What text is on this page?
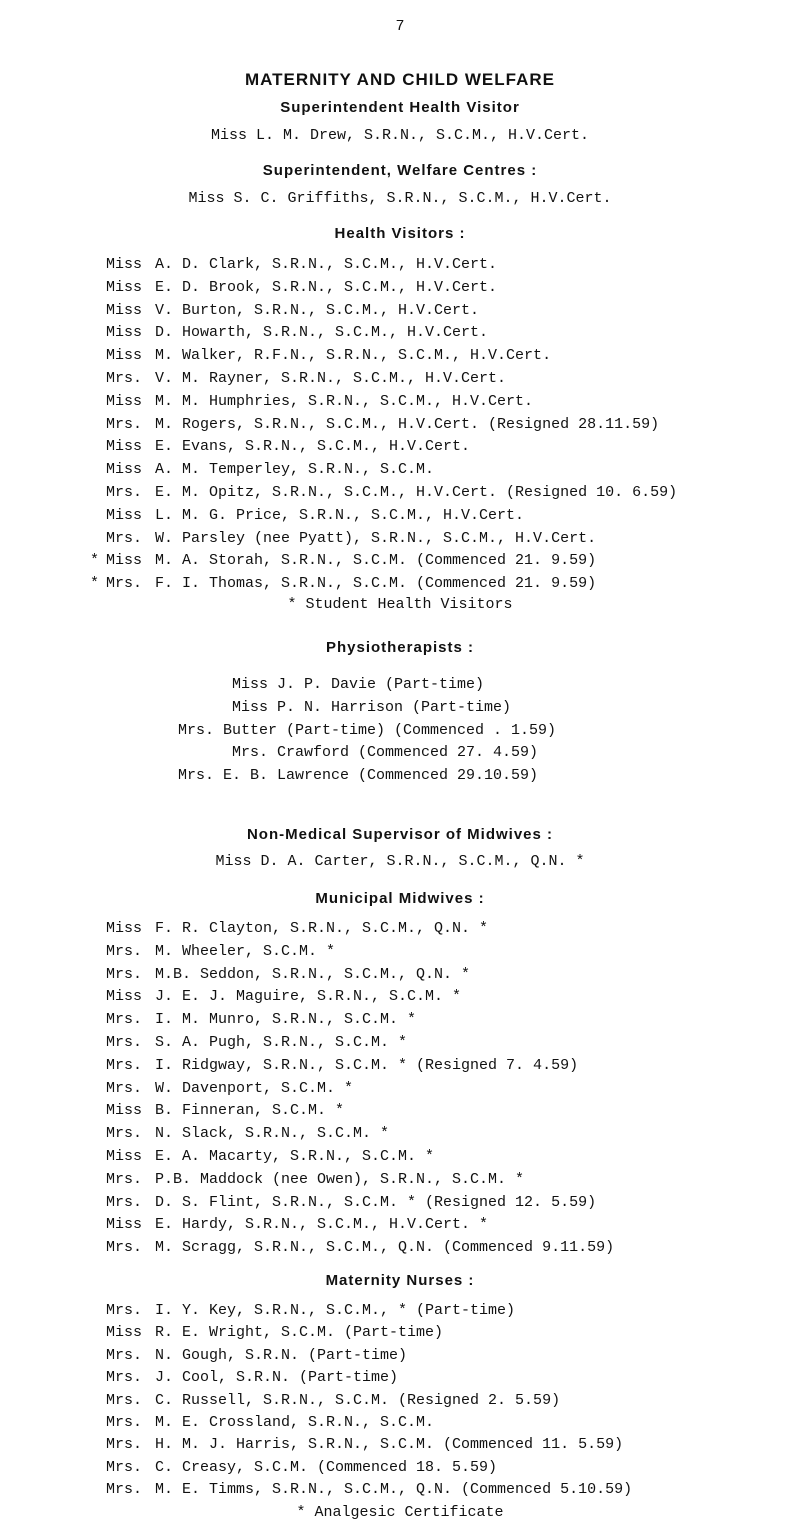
7
MATERNITY AND CHILD WELFARE
Superintendent Health Visitor
Miss L. M. Drew, S.R.N., S.C.M., H.V.Cert.
Superintendent, Welfare Centres :
Miss S. C. Griffiths, S.R.N., S.C.M., H.V.Cert.
Health Visitors :
* Student Health Visitors
Physiotherapists :
Non-Medical Supervisor of Midwives :
Miss D. A. Carter, S.R.N., S.C.M., Q.N. *
Municipal Midwives :
Maternity Nurses :
Miss A. D. Clark, S.R.N., S.C.M., H.V.Cert.
Miss E. D. Brook, S.R.N., S.C.M., H.V.Cert.
Miss V. Burton, S.R.N., S.C.M., H.V.Cert.
Miss D. Howarth, S.R.N., S.C.M., H.V.Cert.
Miss M. Walker, R.F.N., S.R.N., S.C.M., H.V.Cert.
Mrs. V. M. Rayner, S.R.N., S.C.M., H.V.Cert.
Miss M. M. Humphries, S.R.N., S.C.M., H.V.Cert.
Mrs. M. Rogers, S.R.N., S.C.M., H.V.Cert. (Resigned 28.11.59)
Miss E. Evans, S.R.N., S.C.M., H.V.Cert.
Miss A. M. Temperley, S.R.N., S.C.M.
Mrs. E. M. Opitz, S.R.N., S.C.M., H.V.Cert. (Resigned 10. 6.59)
Miss L. M. G. Price, S.R.N., S.C.M., H.V.Cert.
Mrs. W. Parsley (nee Pyatt), S.R.N., S.C.M., H.V.Cert.
* Miss M. A. Storah, S.R.N., S.C.M. (Commenced 21. 9.59)
* Mrs. F. I. Thomas, S.R.N., S.C.M. (Commenced 21. 9.59)
Miss J. P. Davie (Part-time)
Miss P. N. Harrison (Part-time)
Mrs. Butter (Part-time) (Commenced . 1.59)
Mrs. Crawford (Commenced 27. 4.59)
Mrs. E. B. Lawrence (Commenced 29.10.59)
Miss F. R. Clayton, S.R.N., S.C.M., Q.N. *
Mrs. M. Wheeler, S.C.M. *
Mrs. M.B. Seddon, S.R.N., S.C.M., Q.N. *
Miss J. E. J. Maguire, S.R.N., S.C.M. *
Mrs. I. M. Munro, S.R.N., S.C.M. *
Mrs. S. A. Pugh, S.R.N., S.C.M. *
Mrs. I. Ridgway, S.R.N., S.C.M. * (Resigned 7. 4.59)
Mrs. W. Davenport, S.C.M. *
Miss B. Finneran, S.C.M. *
Mrs. N. Slack, S.R.N., S.C.M. *
Miss E. A. Macarty, S.R.N., S.C.M. *
Mrs. P.B. Maddock (nee Owen), S.R.N., S.C.M. *
Mrs. D. S. Flint, S.R.N., S.C.M. * (Resigned 12. 5.59)
Miss E. Hardy, S.R.N., S.C.M., H.V.Cert. *
Mrs. M. Scragg, S.R.N., S.C.M., Q.N. (Commenced 9.11.59)
Mrs. I. Y. Key, S.R.N., S.C.M., * (Part-time)
Miss R. E. Wright, S.C.M. (Part-time)
Mrs. N. Gough, S.R.N. (Part-time)
Mrs. J. Cool, S.R.N. (Part-time)
Mrs. C. Russell, S.R.N., S.C.M. (Resigned 2. 5.59)
Mrs. M. E. Crossland, S.R.N., S.C.M.
Mrs. H. M. J. Harris, S.R.N., S.C.M. (Commenced 11. 5.59)
Mrs. C. Creasy, S.C.M. (Commenced 18. 5.59)
Mrs. M. E. Timms, S.R.N., S.C.M., Q.N. (Commenced 5.10.59)
* Analgesic Certificate
